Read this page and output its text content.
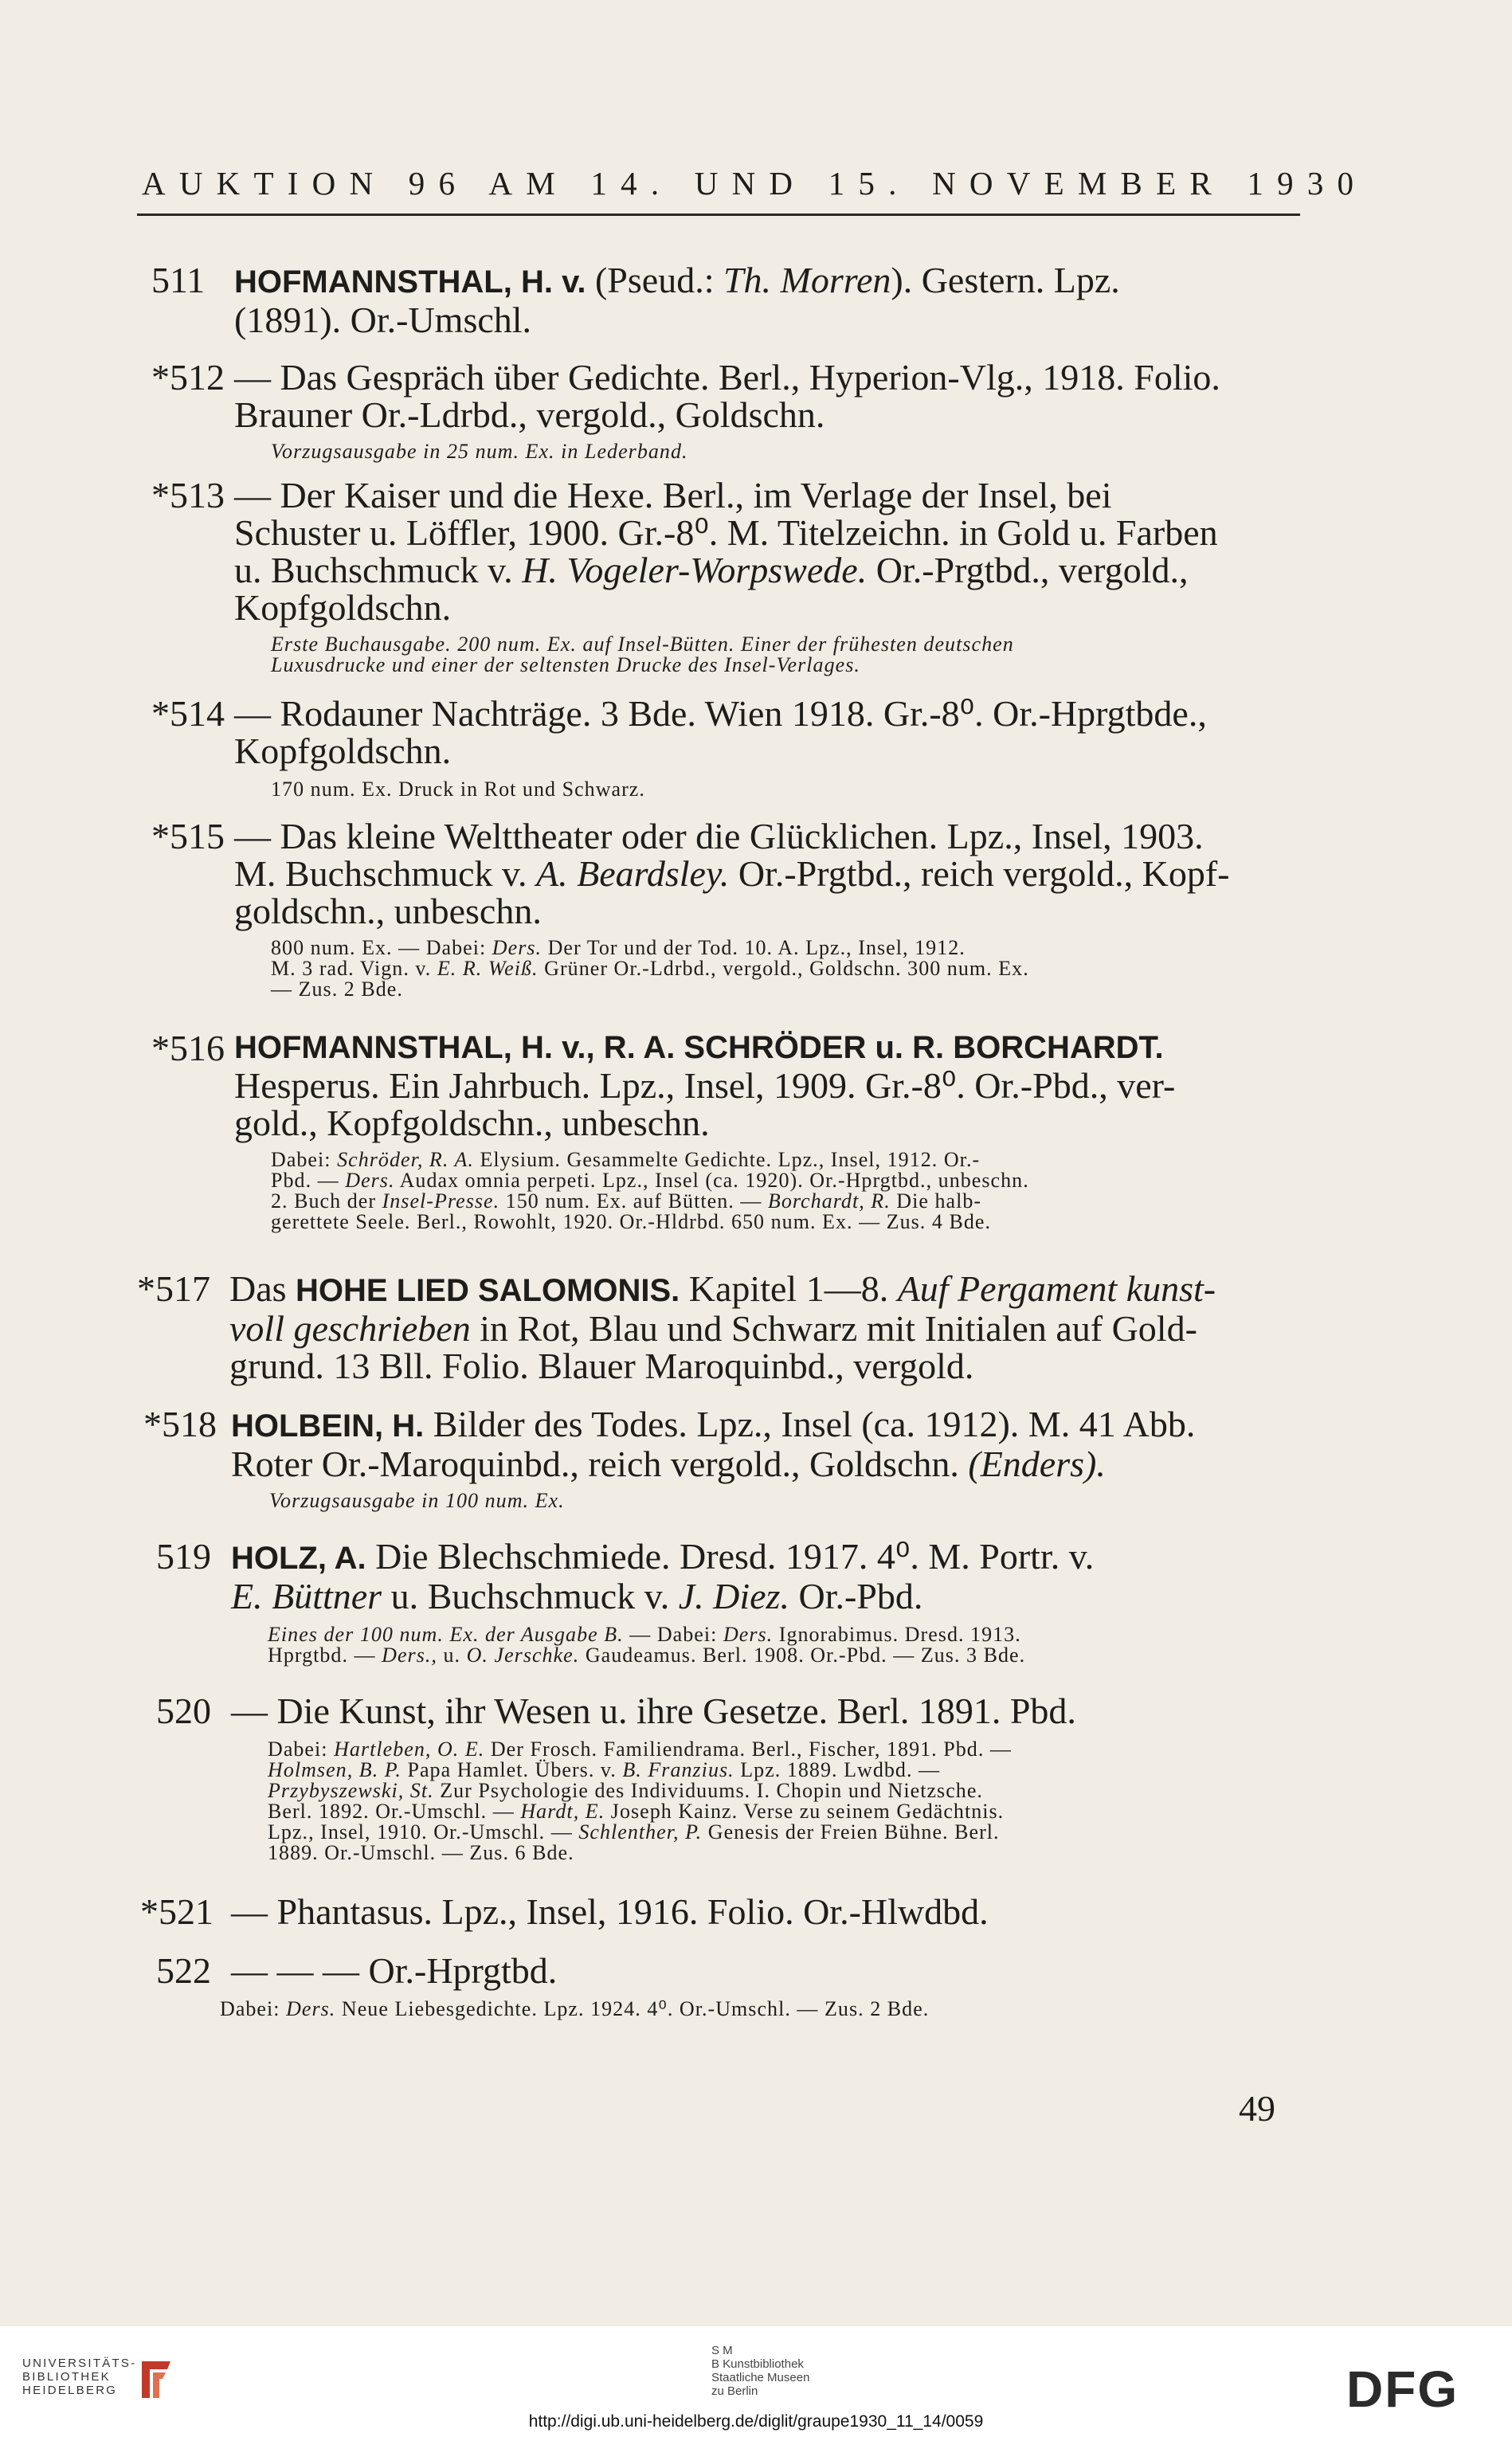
AUKTION 96 AM 14. UND 15. NOVEMBER 1930
511 HOFMANNSTHAL, H. v. (Pseud.: Th. Morren). Gestern. Lpz.
(1891). Or.-Umschl.
*512 — Das Gespräch über Gedichte. Berl., Hyperion-Vlg., 1918. Folio.
Brauner Or.-Ldrbd., vergold., Goldschn.
Vorzugsausgabe in 25 num. Ex. in Lederband.
*513 — Der Kaiser und die Hexe. Berl., im Verlage der Insel, bei
Schuster u. Löffler, 1900. Gr.-8⁰. M. Titelzeichn. in Gold u. Farben
u. Buchschmuck v. H. Vogeler-Worpswede. Or.-Prgtbd., vergold.,
Kopfgoldschn.
Erste Buchausgabe. 200 num. Ex. auf Insel-Bütten. Einer der frühesten deutschen
Luxusdrucke und einer der seltensten Drucke des Insel-Verlages.
*514 — Rodauner Nachträge. 3 Bde. Wien 1918. Gr.-8⁰. Or.-Hprgtbde.,
Kopfgoldschn.
170 num. Ex. Druck in Rot und Schwarz.
*515 — Das kleine Welttheater oder die Glücklichen. Lpz., Insel, 1903.
M. Buchschmuck v. A. Beardsley. Or.-Prgtbd., reich vergold., Kopf-
goldschn., unbeschn.
800 num. Ex. — Dabei: Ders. Der Tor und der Tod. 10. A. Lpz., Insel, 1912.
M. 3 rad. Vign. v. E. R. Weiß. Grüner Or.-Ldrbd., vergold., Goldschn. 300 num. Ex.
— Zus. 2 Bde.
*516 HOFMANNSTHAL, H. v., R. A. SCHRÖDER u. R. BORCHARDT.
Hesperus. Ein Jahrbuch. Lpz., Insel, 1909. Gr.-8⁰. Or.-Pbd., ver-
gold., Kopfgoldschn., unbeschn.
Dabei: Schröder, R. A. Elysium. Gesammelte Gedichte. Lpz., Insel, 1912. Or.-
Pbd. — Ders. Audax omnia perpeti. Lpz., Insel (ca. 1920). Or.-Hprgtbd., unbeschn.
2. Buch der Insel-Presse. 150 num. Ex. auf Bütten. — Borchardt, R. Die halb-
gerettete Seele. Berl., Rowohlt, 1920. Or.-Hldrbd. 650 num. Ex. — Zus. 4 Bde.
*517 Das HOHE LIED SALOMONIS. Kapitel 1—8. Auf Pergament kunst-
voll geschrieben in Rot, Blau und Schwarz mit Initialen auf Gold-
grund. 13 Bll. Folio. Blauer Maroquinbd., vergold.
*518 HOLBEIN, H. Bilder des Todes. Lpz., Insel (ca. 1912). M. 41 Abb.
Roter Or.-Maroquinbd., reich vergold., Goldschn. (Enders).
Vorzugsausgabe in 100 num. Ex.
519 HOLZ, A. Die Blechschmiede. Dresd. 1917. 4⁰. M. Portr. v.
E. Büttner u. Buchschmuck v. J. Diez. Or.-Pbd.
Eines der 100 num. Ex. der Ausgabe B. — Dabei: Ders. Ignorabimus. Dresd. 1913.
Hprgtbd. — Ders., u. O. Jerschke. Gaudeamus. Berl. 1908. Or.-Pbd. — Zus. 3 Bde.
520 — Die Kunst, ihr Wesen u. ihre Gesetze. Berl. 1891. Pbd.
Dabei: Hartleben, O. E. Der Frosch. Familiendrama. Berl., Fischer, 1891. Pbd. —
Holmsen, B. P. Papa Hamlet. Übers. v. B. Franzius. Lpz. 1889. Lwdbd. —
Przybyszewski, St. Zur Psychologie des Individuums. I. Chopin und Nietzsche.
Berl. 1892. Or.-Umschl. — Hardt, E. Joseph Kainz. Verse zu seinem Gedächtnis.
Lpz., Insel, 1910. Or.-Umschl. — Schlenther, P. Genesis der Freien Bühne. Berl.
1889. Or.-Umschl. — Zus. 6 Bde.
*521 — Phantasus. Lpz., Insel, 1916. Folio. Or.-Hlwdbd.
522 — — — Or.-Hprgtbd.
Dabei: Ders. Neue Liebesgedichte. Lpz. 1924. 4⁰. Or.-Umschl. — Zus. 2 Bde.
49
UNIVERSITÄTS-
BIBLIOTHEK
HEIDELBERG
S M
B Kunstbibliothek
Staatliche Museen
zu Berlin	DFG
http://digi.ub.uni-heidelberg.de/diglit/graupe1930_11_14/0059
